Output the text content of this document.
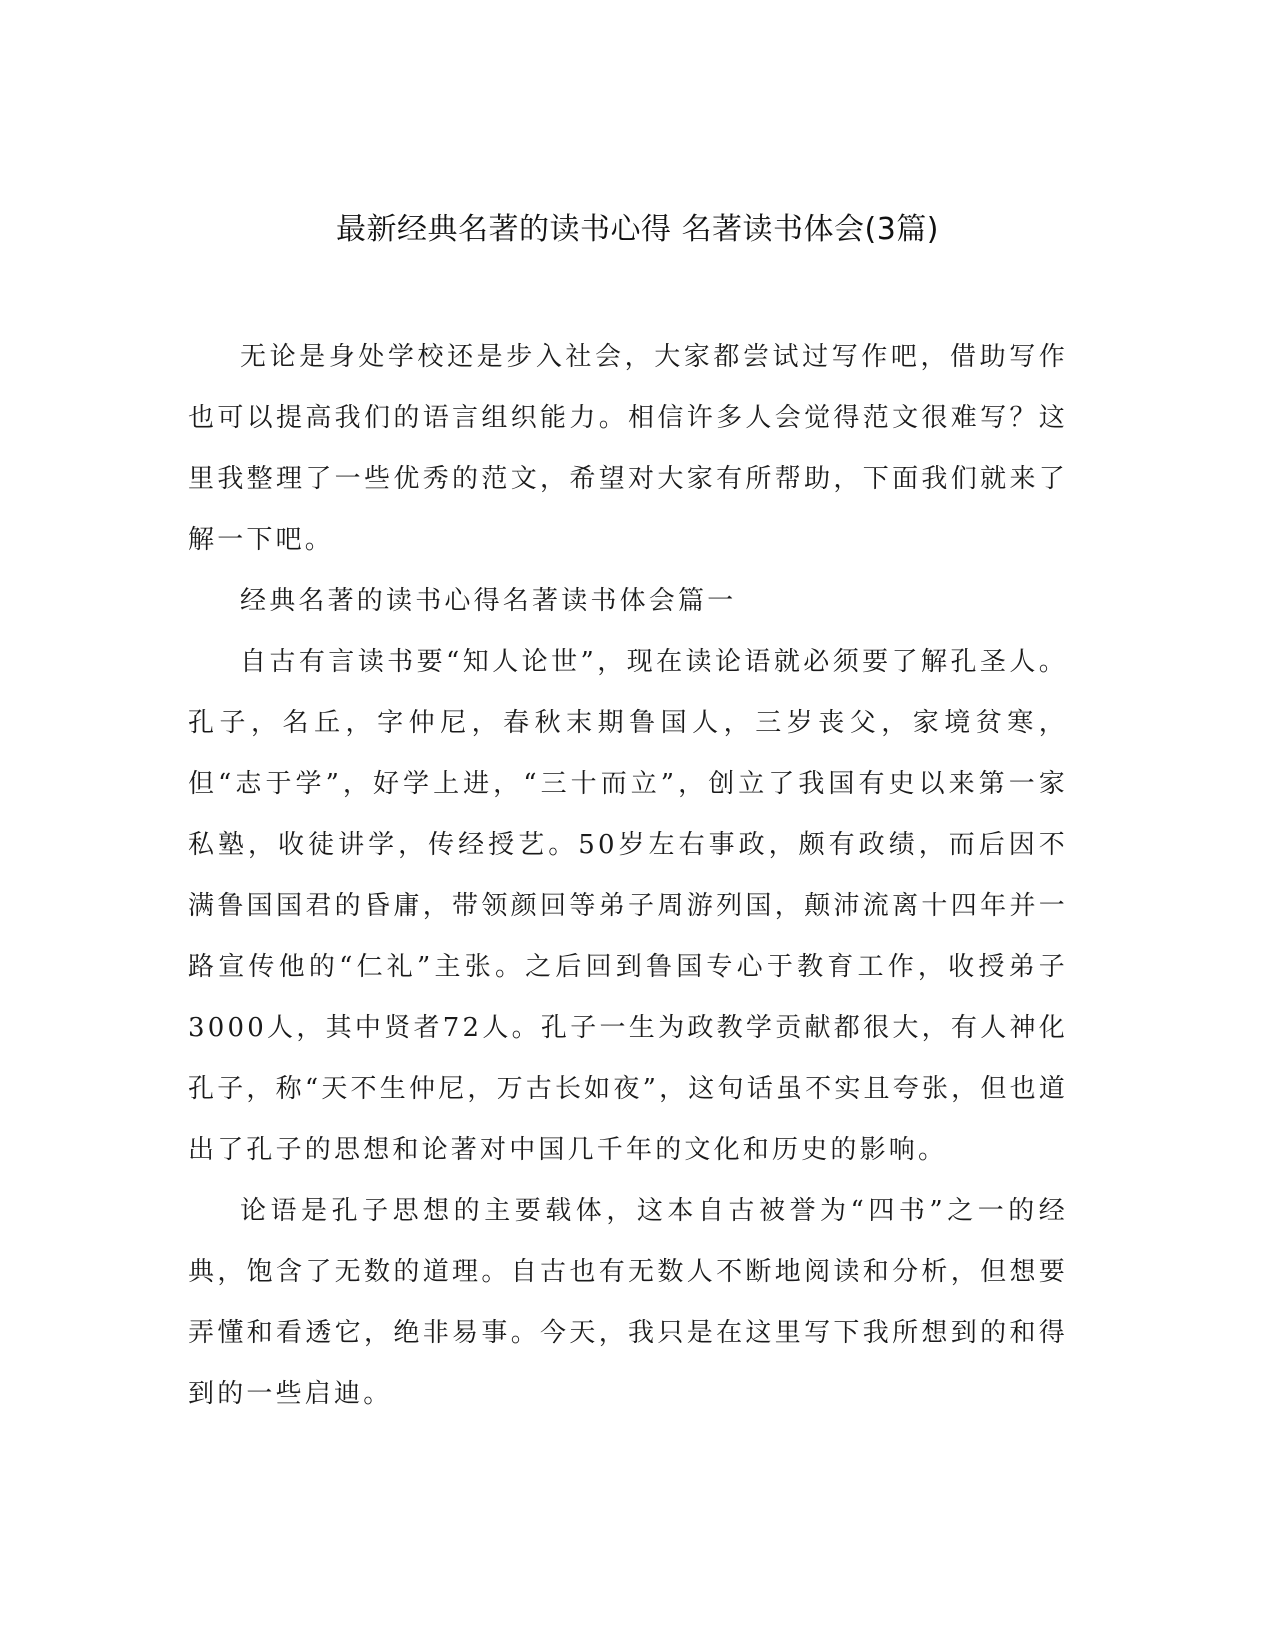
最新经典名著的读书心得 名著读书体会(3篇)

无论是身处学校还是步入社会，大家都尝试过写作吧，借助写作也可以提高我们的语言组织能力。相信许多人会觉得范文很难写？这里我整理了一些优秀的范文，希望对大家有所帮助，下面我们就来了解一下吧。

经典名著的读书心得名著读书体会篇一

自古有言读书要“知人论世”，现在读论语就必须要了解孔圣人。孔子，名丘，字仲尼，春秋末期鲁国人，三岁丧父，家境贫寒，但“志于学”，好学上进，“三十而立”，创立了我国有史以来第一家私塾，收徒讲学，传经授艺。50岁左右事政，颇有政绩，而后因不满鲁国国君的昏庸，带领颜回等弟子周游列国，颠沛流离十四年并一路宣传他的“仁礼”主张。之后回到鲁国专心于教育工作，收授弟子3000人，其中贤者72人。孔子一生为政教学贡献都很大，有人神化孔子，称“天不生仲尼，万古长如夜”，这句话虽不实且夸张，但也道出了孔子的思想和论著对中国几千年的文化和历史的影响。

论语是孔子思想的主要载体，这本自古被誉为“四书”之一的经典，饱含了无数的道理。自古也有无数人不断地阅读和分析，但想要弄懂和看透它，绝非易事。今天，我只是在这里写下我所想到的和得到的一些启迪。
